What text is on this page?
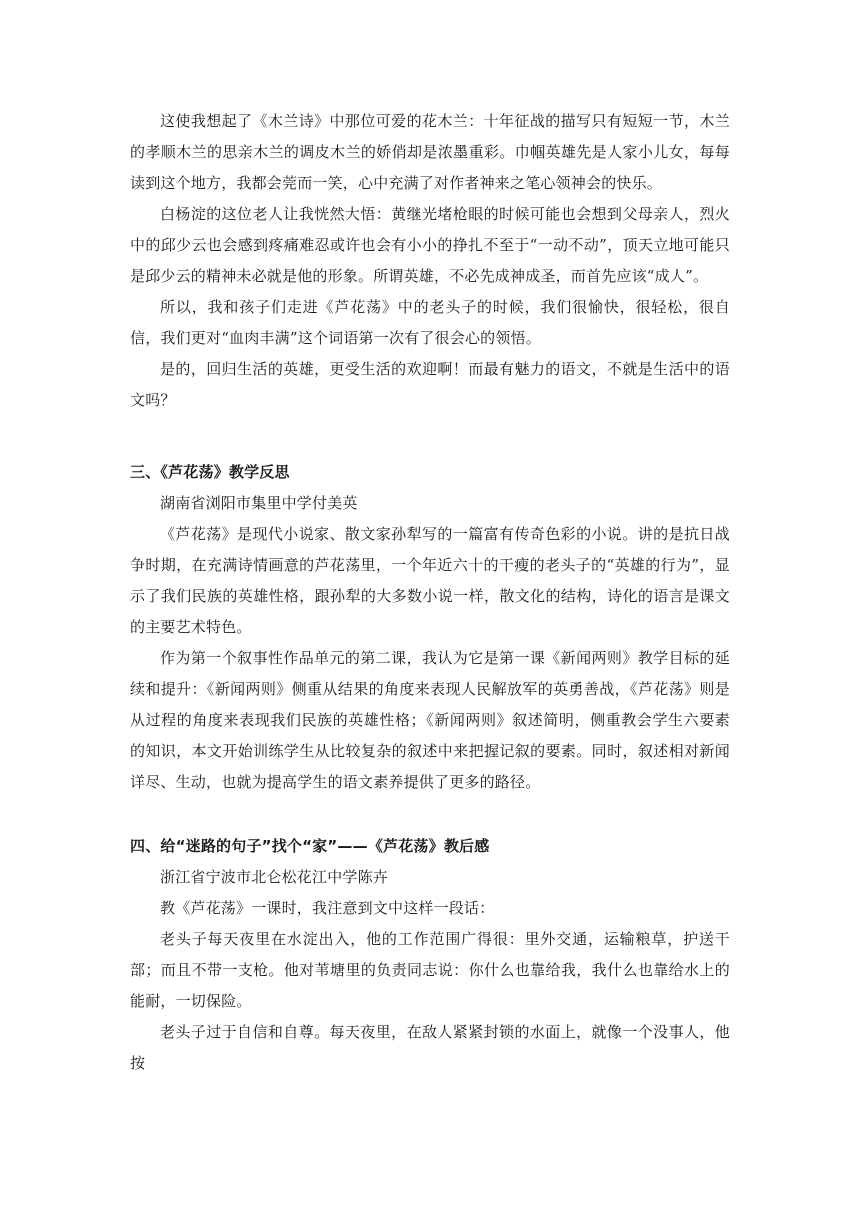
这使我想起了《木兰诗》中那位可爱的花木兰：十年征战的描写只有短短一节，木兰的孝顺木兰的思亲木兰的调皮木兰的娇俏却是浓墨重彩。巾帼英雄先是人家小儿女，每每读到这个地方，我都会莞而一笑，心中充满了对作者神来之笔心领神会的快乐。

白杨淀的这位老人让我恍然大悟：黄继光堵枪眼的时候可能也会想到父母亲人，烈火中的邱少云也会感到疼痛难忍或许也会有小小的挣扎不至于“一动不动”，顶天立地可能只是邱少云的精神未必就是他的形象。所谓英雄，不必先成神成圣，而首先应该“成人”。

所以，我和孩子们走进《芦花荡》中的老头子的时候，我们很愉快，很轻松，很自信，我们更对“血肉丰满”这个词语第一次有了很会心的领悟。

是的，回归生活的英雄，更受生活的欢迎啊！而最有魅力的语文，不就是生活中的语文吗？

三、《芦花荡》教学反思

湖南省浏阳市集里中学付美英

《芦花荡》是现代小说家、散文家孙犁写的一篇富有传奇色彩的小说。讲的是抗日战争时期，在充满诗情画意的芦花荡里，一个年近六十的干瘦的老头子的“英雄的行为”，显示了我们民族的英雄性格，跟孙犁的大多数小说一样，散文化的结构，诗化的语言是课文的主要艺术特色。

作为第一个叙事性作品单元的第二课，我认为它是第一课《新闻两则》教学目标的延续和提升：《新闻两则》侧重从结果的角度来表现人民解放军的英勇善战，《芦花荡》则是从过程的角度来表现我们民族的英雄性格；《新闻两则》叙述简明，侧重教会学生六要素的知识，本文开始训练学生从比较复杂的叙述中来把握记叙的要素。同时，叙述相对新闻详尽、生动，也就为提高学生的语文素养提供了更多的路径。

四、给“迷路的句子”找个“家”——《芦花荡》教后感

浙江省宁波市北仑松花江中学陈卉

教《芦花荡》一课时，我注意到文中这样一段话：

老头子每天夜里在水淀出入，他的工作范围广得很：里外交通，运输粮草，护送干部；而且不带一支枪。他对苇塘里的负责同志说：你什么也靠给我，我什么也靠给水上的能耐，一切保险。

老头子过于自信和自尊。每天夜里，在敌人紧紧封锁的水面上，就像一个没事人，他按
